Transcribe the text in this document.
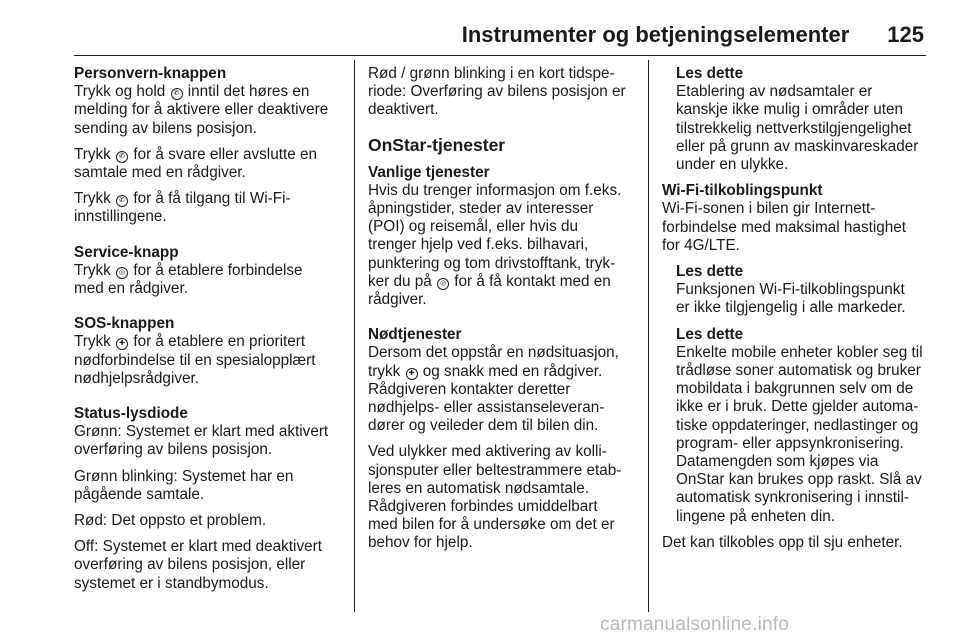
Instrumenter og betjeningselementer 125

Personvern-knappen

Trykk og hold ✆ inntil det høres en
melding for å aktivere eller deaktivere
sending av bilens posisjon.

Trykk ✆ for å svare eller avslutte en
samtale med en rådgiver.

Trykk ✆ for å få tilgang til Wi-Fi-
innstillingene.

Service-knapp

Trykk ◎ for å etablere forbindelse
med en rådgiver.

SOS-knappen

Trykk ✚ for å etablere en prioritert
nødforbindelse til en spesialopplært
nødhjelpsrådgiver.

Status-lysdiode

Grønn: Systemet er klart med aktivert
overføring av bilens posisjon.

Grønn blinking: Systemet har en
pågående samtale.

Rød: Det oppsto et problem.

Off: Systemet er klart med deaktivert
overføring av bilens posisjon, eller
systemet er i standbymodus.

Rød / grønn blinking i en kort tidspe-
riode: Overføring av bilens posisjon er
deaktivert.

OnStar-tjenester

Vanlige tjenester

Hvis du trenger informasjon om f.eks.
åpningstider, steder av interesser
(POI) og reisemål, eller hvis du
trenger hjelp ved f.eks. bilhavari,
punktering og tom drivstofftank, tryk-
ker du på ◎ for å få kontakt med en
rådgiver.

Nødtjenester

Dersom det oppstår en nødsituasjon,
trykk ✚ og snakk med en rådgiver.
Rådgiveren kontakter deretter
nødhjelps- eller assistanseleveran-
dører og veileder dem til bilen din.

Ved ulykker med aktivering av kolli-
sjonsputer eller beltestrammere etab-
leres en automatisk nødsamtale.
Rådgiveren forbindes umiddelbart
med bilen for å undersøke om det er
behov for hjelp.

Les dette

Etablering av nødsamtaler er
kanskje ikke mulig i områder uten
tilstrekkelig nettverkstilgjengelighet
eller på grunn av maskinvareskader
under en ulykke.

Wi-Fi-tilkoblingspunkt

Wi-Fi-sonen i bilen gir Internett-
forbindelse med maksimal hastighet
for 4G/LTE.

Les dette

Funksjonen Wi-Fi-tilkoblingspunkt
er ikke tilgjengelig i alle markeder.

Les dette

Enkelte mobile enheter kobler seg til
trådløse soner automatisk og bruker
mobildata i bakgrunnen selv om de
ikke er i bruk. Dette gjelder automa-
tiske oppdateringer, nedlastinger og
program- eller appsynkronisering.
Datamengden som kjøpes via
OnStar kan brukes opp raskt. Slå av
automatisk synkronisering i innstil-
lingene på enheten din.

Det kan tilkobles opp til sju enheter.

carmanualsonline.info
